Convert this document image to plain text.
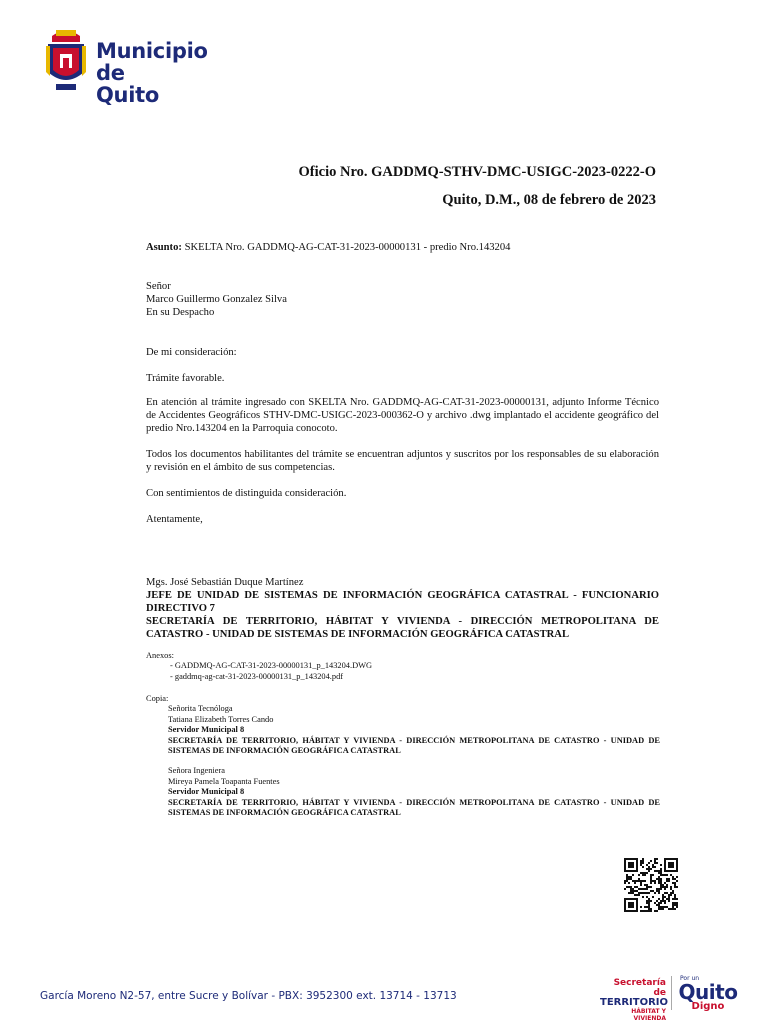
Municipio
de Quito
Oficio Nro. GADDMQ-STHV-DMC-USIGC-2023-0222-O
Quito, D.M., 08 de febrero de 2023
Asunto: SKELTA Nro. GADDMQ-AG-CAT-31-2023-00000131 - predio Nro.143204
Señor
Marco Guillermo Gonzalez Silva
En su Despacho
De mi consideración:
Trámite favorable.
En atención al trámite ingresado con SKELTA Nro. GADDMQ-AG-CAT-31-2023-00000131, adjunto Informe Técnico de Accidentes Geográficos STHV-DMC-USIGC-2023-000362-O y archivo .dwg implantado el accidente geográfico del predio Nro.143204 en la Parroquia conocoto.
Todos los documentos habilitantes del trámite se encuentran adjuntos y suscritos por los responsables de su elaboración y revisión en el ámbito de sus competencias.
Con sentimientos de distinguida consideración.
Atentamente,
Mgs. José Sebastián Duque Martínez
JEFE DE UNIDAD DE SISTEMAS DE INFORMACIÓN GEOGRÁFICA CATASTRAL - FUNCIONARIO DIRECTIVO 7
SECRETARÍA DE TERRITORIO, HÁBITAT Y VIVIENDA - DIRECCIÓN METROPOLITANA DE CATASTRO - UNIDAD DE SISTEMAS DE INFORMACIÓN GEOGRÁFICA CATASTRAL
Anexos:
- GADDMQ-AG-CAT-31-2023-00000131_p_143204.DWG
- gaddmq-ag-cat-31-2023-00000131_p_143204.pdf
Copia:
Señorita Tecnóloga
Tatiana Elizabeth Torres Cando
Servidor Municipal 8
SECRETARÍA DE TERRITORIO, HÁBITAT Y VIVIENDA - DIRECCIÓN METROPOLITANA DE CATASTRO - UNIDAD DE SISTEMAS DE INFORMACIÓN GEOGRÁFICA CATASTRAL
Señora Ingeniera
Mireya Pamela Toapanta Fuentes
Servidor Municipal 8
SECRETARÍA DE TERRITORIO, HÁBITAT Y VIVIENDA - DIRECCIÓN METROPOLITANA DE CATASTRO - UNIDAD DE SISTEMAS DE INFORMACIÓN GEOGRÁFICA CATASTRAL
García Moreno N2-57, entre Sucre y Bolívar - PBX: 3952300 ext. 13714 - 13713
Secretaría de
TERRITORIO
HÁBITAT Y VIVIENDA
Por un
Quito
Digno
